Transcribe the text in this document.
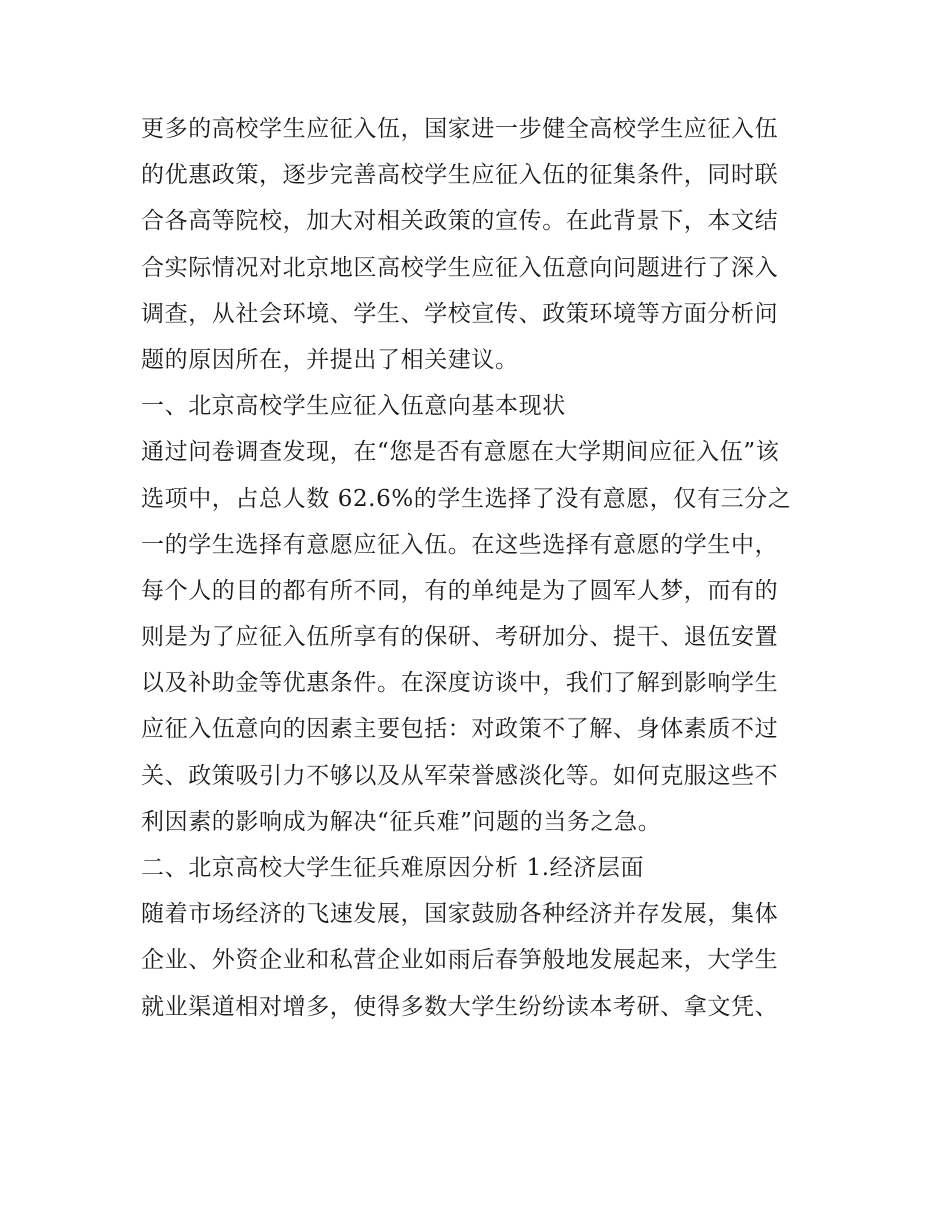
更多的高校学生应征入伍，国家进一步健全高校学生应征入伍
的优惠政策，逐步完善高校学生应征入伍的征集条件，同时联
合各高等院校，加大对相关政策的宣传。在此背景下，本文结
合实际情况对北京地区高校学生应征入伍意向问题进行了深入
调查，从社会环境、学生、学校宣传、政策环境等方面分析问
题的原因所在，并提出了相关建议。
一、北京高校学生应征入伍意向基本现状
通过问卷调查发现，在“您是否有意愿在大学期间应征入伍”该
选项中，占总人数 62.6%的学生选择了没有意愿，仅有三分之
一的学生选择有意愿应征入伍。在这些选择有意愿的学生中，
每个人的目的都有所不同，有的单纯是为了圆军人梦，而有的
则是为了应征入伍所享有的保研、考研加分、提干、退伍安置
以及补助金等优惠条件。在深度访谈中，我们了解到影响学生
应征入伍意向的因素主要包括：对政策不了解、身体素质不过
关、政策吸引力不够以及从军荣誉感淡化等。如何克服这些不
利因素的影响成为解决“征兵难”问题的当务之急。
二、北京高校大学生征兵难原因分析 1.经济层面
随着市场经济的飞速发展，国家鼓励各种经济并存发展，集体
企业、外资企业和私营企业如雨后春笋般地发展起来，大学生
就业渠道相对增多，使得多数大学生纷纷读本考研、拿文凭、
